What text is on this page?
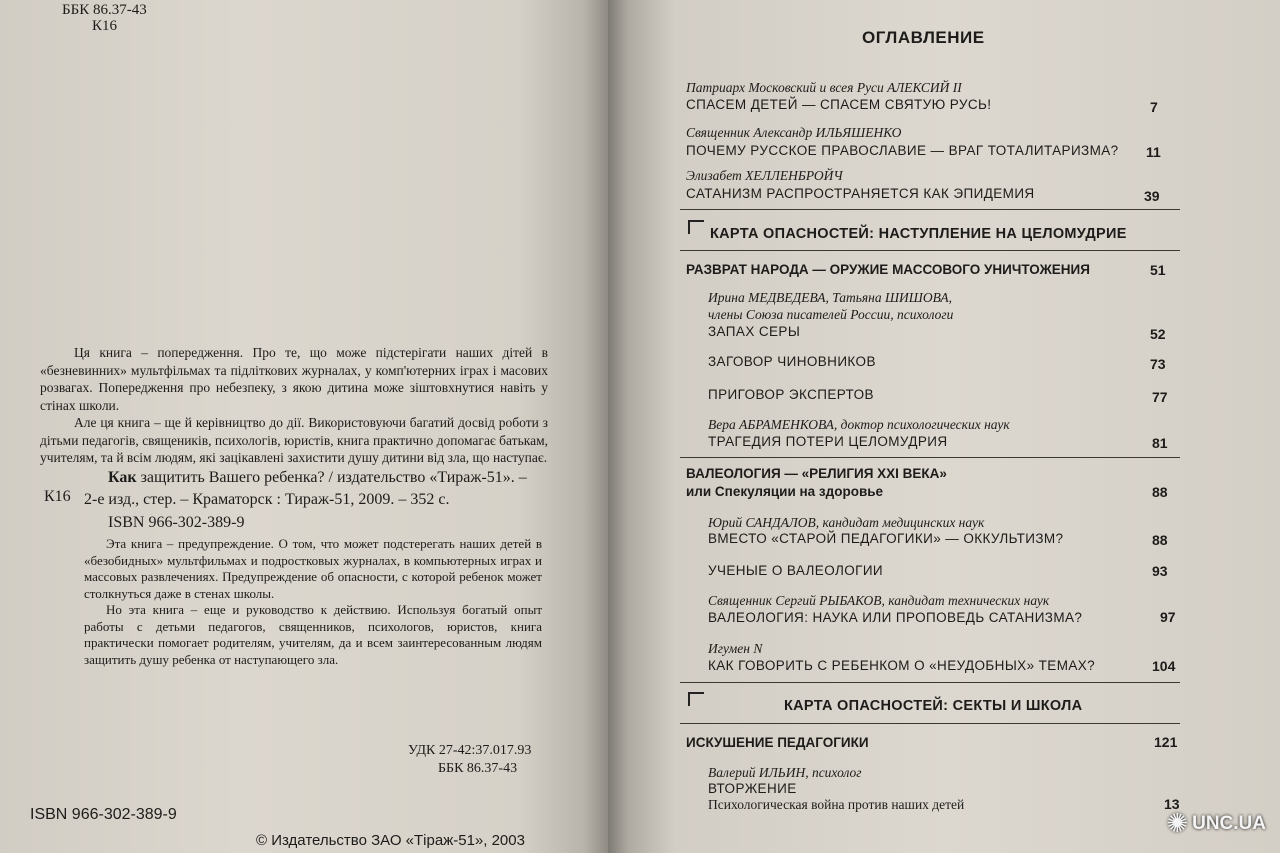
ББК 86.37-43
К16

Ця книга – попередження. Про те, що може підстерігати наших дітей в «безневинних» мультфільмах та підліткових журналах, у комп'ютерних іграх і масових розвагах. Попередження про небезпеку, з якою дитина може зіштовхнутися навіть у стінах школи.

Але ця книга – ще й керівництво до дії. Використовуючи багатий досвід роботи з дітьми педагогів, священиків, психологів, юристів, книга практично допомагає батькам, учителям, та й всім людям, які зацікавлені захистити душу дитини від зла, що наступає.

К16
Как защитить Вашего ребенка? / издательство «Тираж-51». –
2-е изд., стер. – Краматорск : Тираж-51, 2009. – 352 с.
ISBN 966-302-389-9

Эта книга – предупреждение. О том, что может подстерегать наших детей в «безобидных» мультфильмах и подростковых журналах, в компьютерных играх и массовых развлечениях. Предупреждение об опасности, с которой ребенок может столкнуться даже в стенах школы.

Но эта книга – еще и руководство к действию. Используя богатый опыт работы с детьми педагогов, священников, психологов, юристов, книга практически помогает родителям, учителям, да и всем заинтересованным людям защитить душу ребенка от наступающего зла.

УДК 27-42:37.017.93
ББК 86.37-43
ISBN 966-302-389-9
© Издательство ЗАО «Тiраж-51», 2003
ОГЛАВЛЕНИЕ
Патриарх Московский и всея Руси АЛЕКСИЙ II
СПАСЕМ ДЕТЕЙ — СПАСЕМ СВЯТУЮ РУСЬ!	7
Священник Александр ИЛЬЯШЕНКО
ПОЧЕМУ РУССКОЕ ПРАВОСЛАВИЕ — ВРАГ ТОТАЛИТАРИЗМА? 11
Элизабет ХЕЛЛЕНБРОЙЧ
САТАНИЗМ РАСПРОСТРАНЯЕТСЯ КАК ЭПИДЕМИЯ	39
КАРТА ОПАСНОСТЕЙ: НАСТУПЛЕНИЕ НА ЦЕЛОМУДРИЕ
РАЗВРАТ НАРОДА — ОРУЖИЕ МАССОВОГО УНИЧТОЖЕНИЯ	51
Ирина МЕДВЕДЕВА, Татьяна ШИШОВА,
члены Союза писателей России, психологи
ЗАПАХ СЕРЫ	52
ЗАГОВОР ЧИНОВНИКОВ	73
ПРИГОВОР ЭКСПЕРТОВ	77
Вера АБРАМЕНКОВА, доктор психологических наук
ТРАГЕДИЯ ПОТЕРИ ЦЕЛОМУДРИЯ	81
ВАЛЕОЛОГИЯ — «РЕЛИГИЯ XXI ВЕКА»
или Спекуляции на здоровье	88
Юрий САНДАЛОВ, кандидат медицинских наук
ВМЕСТО «СТАРОЙ ПЕДАГОГИКИ» — ОККУЛЬТИЗМ?	88
УЧЕНЫЕ О ВАЛЕОЛОГИИ	93
Священник Сергий РЫБАКОВ, кандидат технических наук
ВАЛЕОЛОГИЯ: НАУКА ИЛИ ПРОПОВЕДЬ САТАНИЗМА?	97
Игумен N
КАК ГОВОРИТЬ С РЕБЕНКОМ О «НЕУДОБНЫХ» ТЕМАХ?	104
КАРТА ОПАСНОСТЕЙ: СЕКТЫ И ШКОЛА
ИСКУШЕНИЕ ПЕДАГОГИКИ	121
Валерий ИЛЬИН, психолог
ВТОРЖЕНИЕ
Психологическая война против наших детей	13
✺ UNC.UA
